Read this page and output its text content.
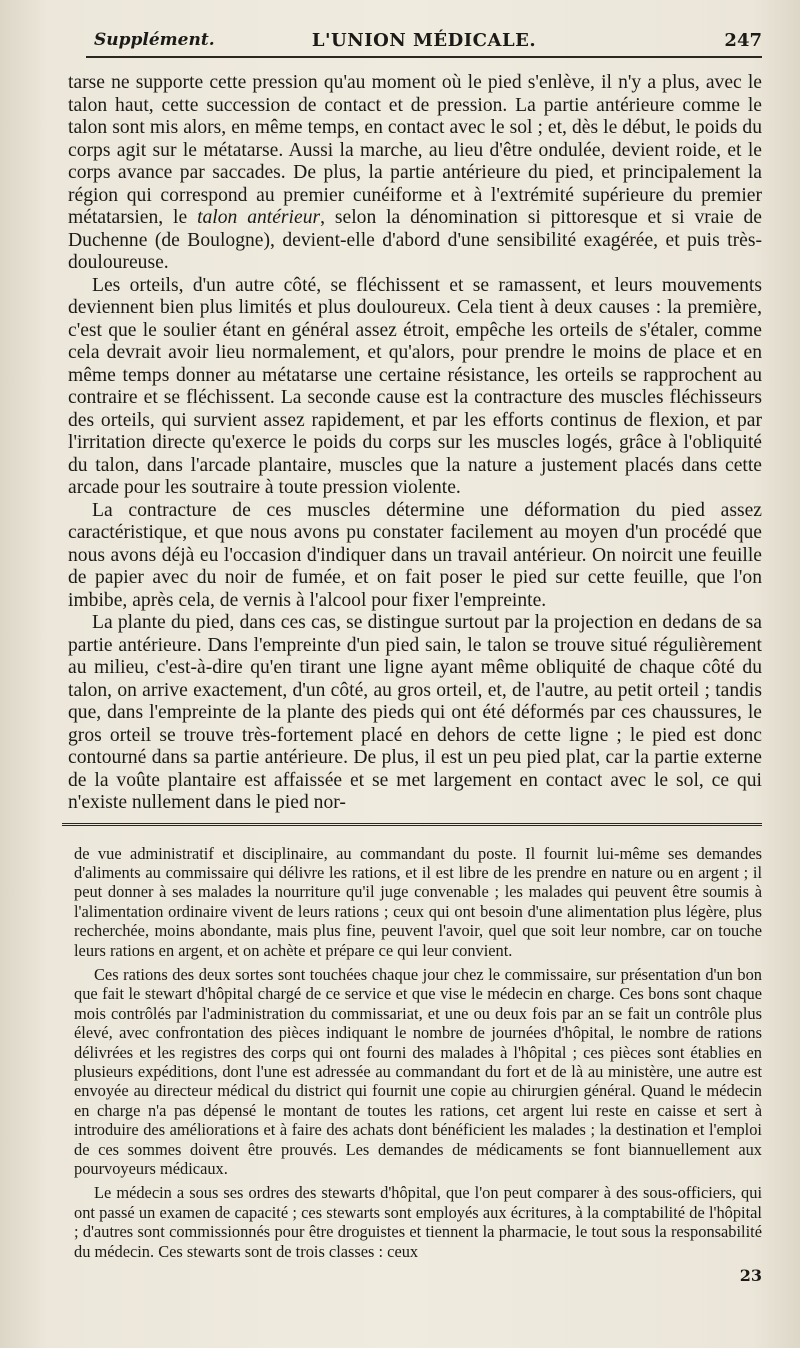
Supplément.	L'UNION MÉDICALE.	247

tarse ne supporte cette pression qu'au moment où le pied s'enlève, il n'y a plus, avec le talon haut, cette succession de contact et de pression. La partie antérieure comme le talon sont mis alors, en même temps, en contact avec le sol ; et, dès le début, le poids du corps agit sur le métatarse. Aussi la marche, au lieu d'être ondulée, devient roide, et le corps avance par saccades. De plus, la partie antérieure du pied, et principalement la région qui correspond au premier cunéiforme et à l'extrémité supérieure du premier métatarsien, le talon antérieur, selon la dénomination si pittoresque et si vraie de Duchenne (de Boulogne), devient-elle d'abord d'une sensibilité exagérée, et puis très-douloureuse.

Les orteils, d'un autre côté, se fléchissent et se ramassent, et leurs mouvements deviennent bien plus limités et plus douloureux. Cela tient à deux causes : la première, c'est que le soulier étant en général assez étroit, empêche les orteils de s'étaler, comme cela devrait avoir lieu normalement, et qu'alors, pour prendre le moins de place et en même temps donner au métatarse une certaine résistance, les orteils se rapprochent au contraire et se fléchissent. La seconde cause est la contracture des muscles fléchisseurs des orteils, qui survient assez rapidement, et par les efforts continus de flexion, et par l'irritation directe qu'exerce le poids du corps sur les muscles logés, grâce à l'obliquité du talon, dans l'arcade plantaire, muscles que la nature a justement placés dans cette arcade pour les soutraire à toute pression violente.

La contracture de ces muscles détermine une déformation du pied assez caractéristique, et que nous avons pu constater facilement au moyen d'un procédé que nous avons déjà eu l'occasion d'indiquer dans un travail antérieur. On noircit une feuille de papier avec du noir de fumée, et on fait poser le pied sur cette feuille, que l'on imbibe, après cela, de vernis à l'alcool pour fixer l'empreinte.

La plante du pied, dans ces cas, se distingue surtout par la projection en dedans de sa partie antérieure. Dans l'empreinte d'un pied sain, le talon se trouve situé régulièrement au milieu, c'est-à-dire qu'en tirant une ligne ayant même obliquité de chaque côté du talon, on arrive exactement, d'un côté, au gros orteil, et, de l'autre, au petit orteil ; tandis que, dans l'empreinte de la plante des pieds qui ont été déformés par ces chaussures, le gros orteil se trouve très-fortement placé en dehors de cette ligne ; le pied est donc contourné dans sa partie antérieure. De plus, il est un peu pied plat, car la partie externe de la voûte plantaire est affaissée et se met largement en contact avec le sol, ce qui n'existe nullement dans le pied nor-

de vue administratif et disciplinaire, au commandant du poste. Il fournit lui-même ses demandes d'aliments au commissaire qui délivre les rations, et il est libre de les prendre en nature ou en argent ; il peut donner à ses malades la nourriture qu'il juge convenable ; les malades qui peuvent être soumis à l'alimentation ordinaire vivent de leurs rations ; ceux qui ont besoin d'une alimentation plus légère, plus recherchée, moins abondante, mais plus fine, peuvent l'avoir, quel que soit leur nombre, car on touche leurs rations en argent, et on achète et prépare ce qui leur convient.

Ces rations des deux sortes sont touchées chaque jour chez le commissaire, sur présentation d'un bon que fait le stewart d'hôpital chargé de ce service et que vise le médecin en charge. Ces bons sont chaque mois contrôlés par l'administration du commissariat, et une ou deux fois par an se fait un contrôle plus élevé, avec confrontation des pièces indiquant le nombre de journées d'hôpital, le nombre de rations délivrées et les registres des corps qui ont fourni des malades à l'hôpital ; ces pièces sont établies en plusieurs expéditions, dont l'une est adressée au commandant du fort et de là au ministère, une autre est envoyée au directeur médical du district qui fournit une copie au chirurgien général. Quand le médecin en charge n'a pas dépensé le montant de toutes les rations, cet argent lui reste en caisse et sert à introduire des améliorations et à faire des achats dont bénéficient les malades ; la destination et l'emploi de ces sommes doivent être prouvés. Les demandes de médicaments se font biannuellement aux pourvoyeurs médicaux.

Le médecin a sous ses ordres des stewarts d'hôpital, que l'on peut comparer à des sous-officiers, qui ont passé un examen de capacité ; ces stewarts sont employés aux écritures, à la comptabilité de l'hôpital ; d'autres sont commissionnés pour être droguistes et tiennent la pharmacie, le tout sous la responsabilité du médecin. Ces stewarts sont de trois classes : ceux

23
